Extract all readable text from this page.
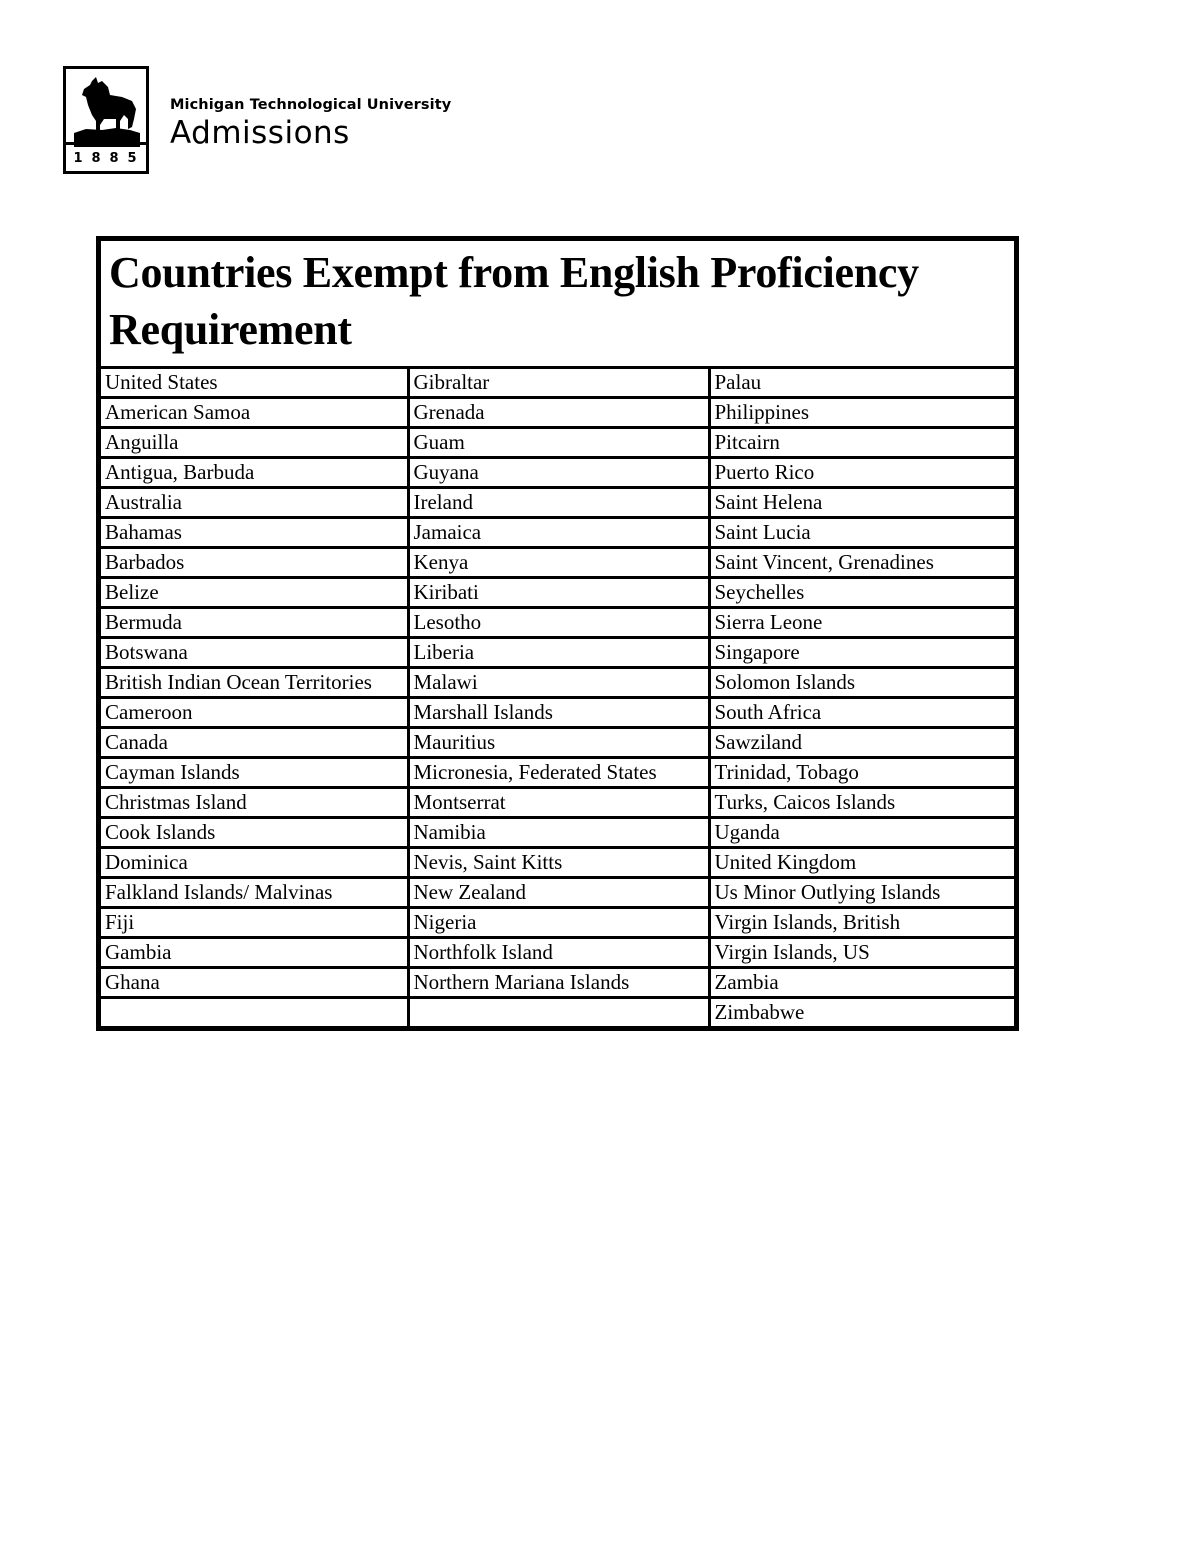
1 8 8 5
Michigan Technological University
Admissions
Countries Exempt from English Proficiency Requirement
United States	Gibraltar	Palau
American Samoa	Grenada	Philippines
Anguilla	Guam	Pitcairn
Antigua, Barbuda	Guyana	Puerto Rico
Australia	Ireland	Saint Helena
Bahamas	Jamaica	Saint Lucia
Barbados	Kenya	Saint Vincent, Grenadines
Belize	Kiribati	Seychelles
Bermuda	Lesotho	Sierra Leone
Botswana	Liberia	Singapore
British Indian Ocean Territories	Malawi	Solomon Islands
Cameroon	Marshall Islands	South Africa
Canada	Mauritius	Sawziland
Cayman Islands	Micronesia, Federated States	Trinidad, Tobago
Christmas Island	Montserrat	Turks, Caicos Islands
Cook Islands	Namibia	Uganda
Dominica	Nevis, Saint Kitts	United Kingdom
Falkland Islands/ Malvinas	New Zealand	Us Minor Outlying Islands
Fiji	Nigeria	Virgin Islands, British
Gambia	Northfolk Island	Virgin Islands, US
Ghana	Northern Mariana Islands	Zambia
		Zimbabwe
